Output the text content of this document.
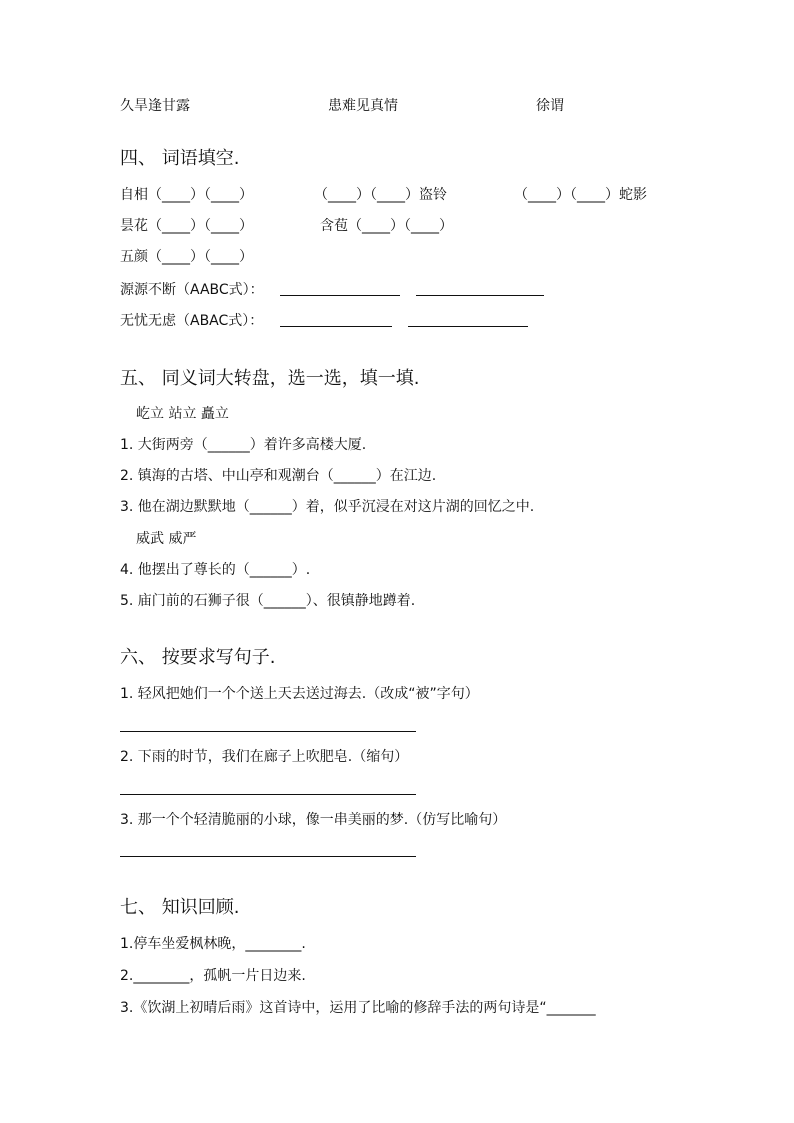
久旱逢甘露	患难见真情	徐谓
四、 词语填空.
自相（____）（____）	（____）（____）盗铃	（____）（____）蛇影
昙花（____）（____）	含苞（____）（____）
五颜（____）（____）
源源不断（AABC式）：
无忧无虑（ABAC式）：
五、 同义词大转盘，选一选，填一填.
屹立 站立 矗立
1. 大街两旁（______）着许多高楼大厦.
2. 镇海的古塔、中山亭和观潮台（______）在江边.
3. 他在湖边默默地（______）着，似乎沉浸在对这片湖的回忆之中.
威武 威严
4. 他摆出了尊长的（______）.
5. 庙门前的石狮子很（______）、很镇静地蹲着.
六、 按要求写句子.
1. 轻风把她们一个个送上天去送过海去.（改成“被”字句）
2. 下雨的时节，我们在廊子上吹肥皂.（缩句）
3. 那一个个轻清脆丽的小球，像一串美丽的梦.（仿写比喻句）
七、 知识回顾.
1.停车坐爱枫林晚，________.
2.________，孤帆一片日边来.
3.《饮湖上初晴后雨》这首诗中，运用了比喻的修辞手法的两句诗是“_______
